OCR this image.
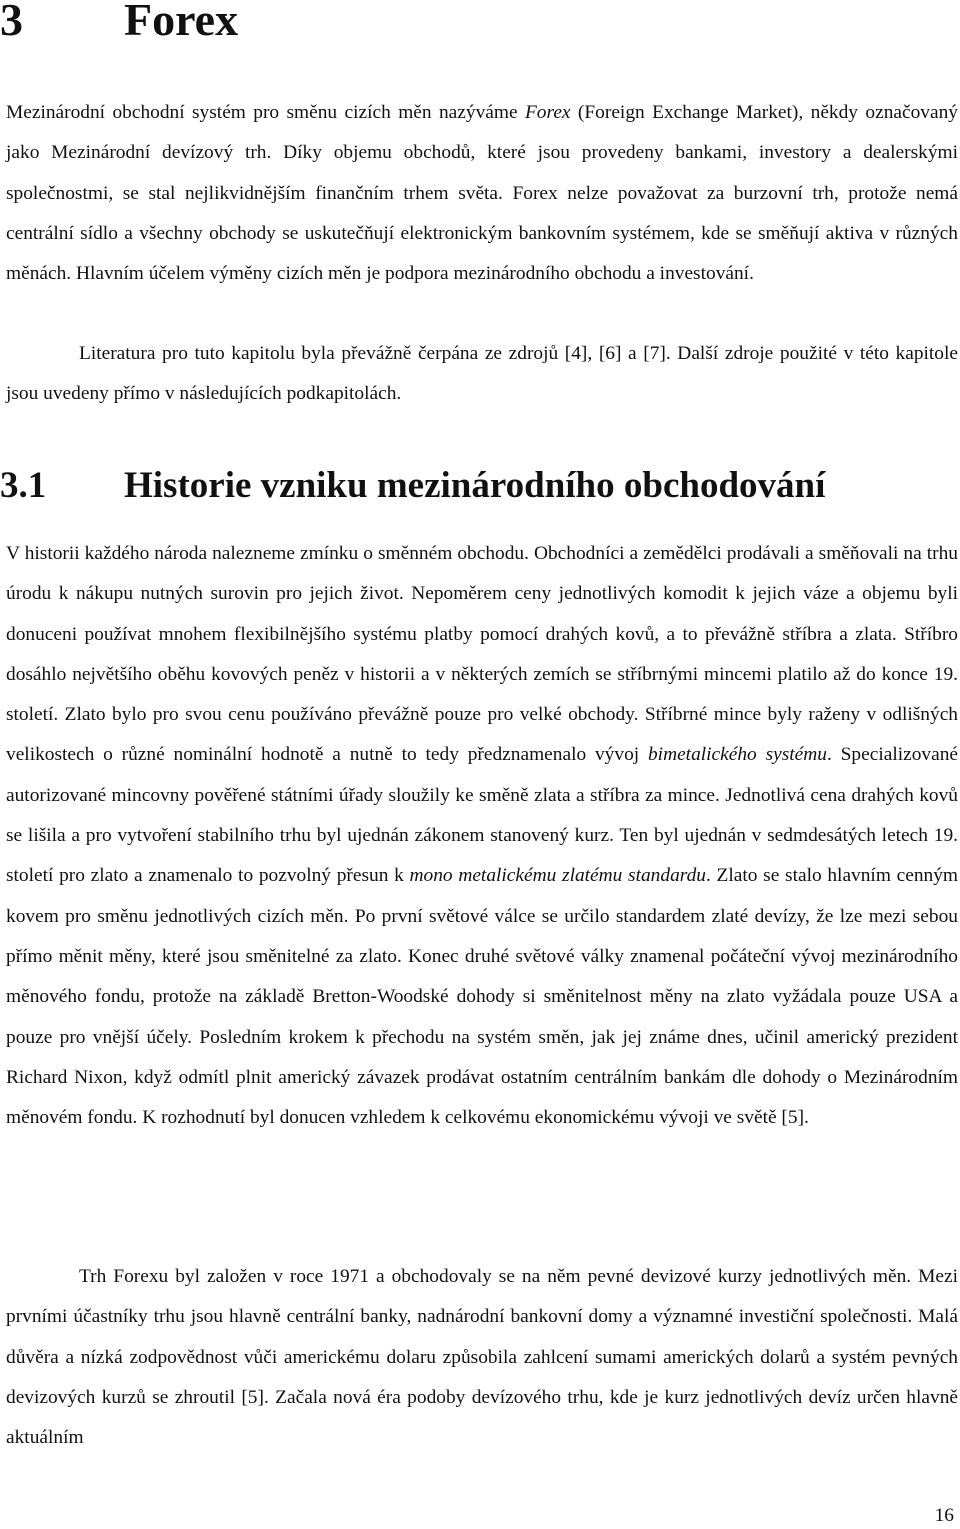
3 Forex

Mezinárodní obchodní systém pro směnu cizích měn nazýváme Forex (Foreign Exchange Market), někdy označovaný jako Mezinárodní devízový trh. Díky objemu obchodů, které jsou provedeny bankami, investory a dealerskými společnostmi, se stal nejlikvidnějším finančním trhem světa. Forex nelze považovat za burzovní trh, protože nemá centrální sídlo a všechny obchody se uskutečňují elektronickým bankovním systémem, kde se směňují aktiva v různých měnách. Hlavním účelem výměny cizích měn je podpora mezinárodního obchodu a investování.

Literatura pro tuto kapitolu byla převážně čerpána ze zdrojů [4], [6] a [7]. Další zdroje použité v této kapitole jsou uvedeny přímo v následujících podkapitolách.

3.1 Historie vzniku mezinárodního obchodování

V historii každého národa nalezneme zmínku o směnném obchodu. Obchodníci a zemědělci prodávali a směňovali na trhu úrodu k nákupu nutných surovin pro jejich život. Nepoměrem ceny jednotlivých komodit k jejich váze a objemu byli donuceni používat mnohem flexibilnějšího systému platby pomocí drahých kovů, a to převážně stříbra a zlata. Stříbro dosáhlo největšího oběhu kovových peněz v historii a v některých zemích se stříbrnými mincemi platilo až do konce 19. století. Zlato bylo pro svou cenu používáno převážně pouze pro velké obchody. Stříbrné mince byly raženy v odlišných velikostech o různé nominální hodnotě a nutně to tedy předznamenalo vývoj bimetalického systému. Specializované autorizované mincovny pověřené státními úřady sloužily ke směně zlata a stříbra za mince. Jednotlivá cena drahých kovů se lišila a pro vytvoření stabilního trhu byl ujednán zákonem stanovený kurz. Ten byl ujednán v sedmdesátých letech 19. století pro zlato a znamenalo to pozvolný přesun k mono metalickému zlatému standardu. Zlato se stalo hlavním cenným kovem pro směnu jednotlivých cizích měn. Po první světové válce se určilo standardem zlaté devízy, že lze mezi sebou přímo měnit měny, které jsou směnitelné za zlato. Konec druhé světové války znamenal počáteční vývoj mezinárodního měnového fondu, protože na základě Bretton-Woodské dohody si směnitelnost měny na zlato vyžádala pouze USA a pouze pro vnější účely. Posledním krokem k přechodu na systém směn, jak jej známe dnes, učinil americký prezident Richard Nixon, když odmítl plnit americký závazek prodávat ostatním centrálním bankám dle dohody o Mezinárodním měnovém fondu. K rozhodnutí byl donucen vzhledem k celkovému ekonomickému vývoji ve světě [5].

Trh Forexu byl založen v roce 1971 a obchodovaly se na něm pevné devizové kurzy jednotlivých měn. Mezi prvními účastníky trhu jsou hlavně centrální banky, nadnárodní bankovní domy a významné investiční společnosti. Malá důvěra a nízká zodpovědnost vůči americkému dolaru způsobila zahlcení sumami amerických dolarů a systém pevných devizových kurzů se zhroutil [5]. Začala nová éra podoby devízového trhu, kde je kurz jednotlivých devíz určen hlavně aktuálním

16
